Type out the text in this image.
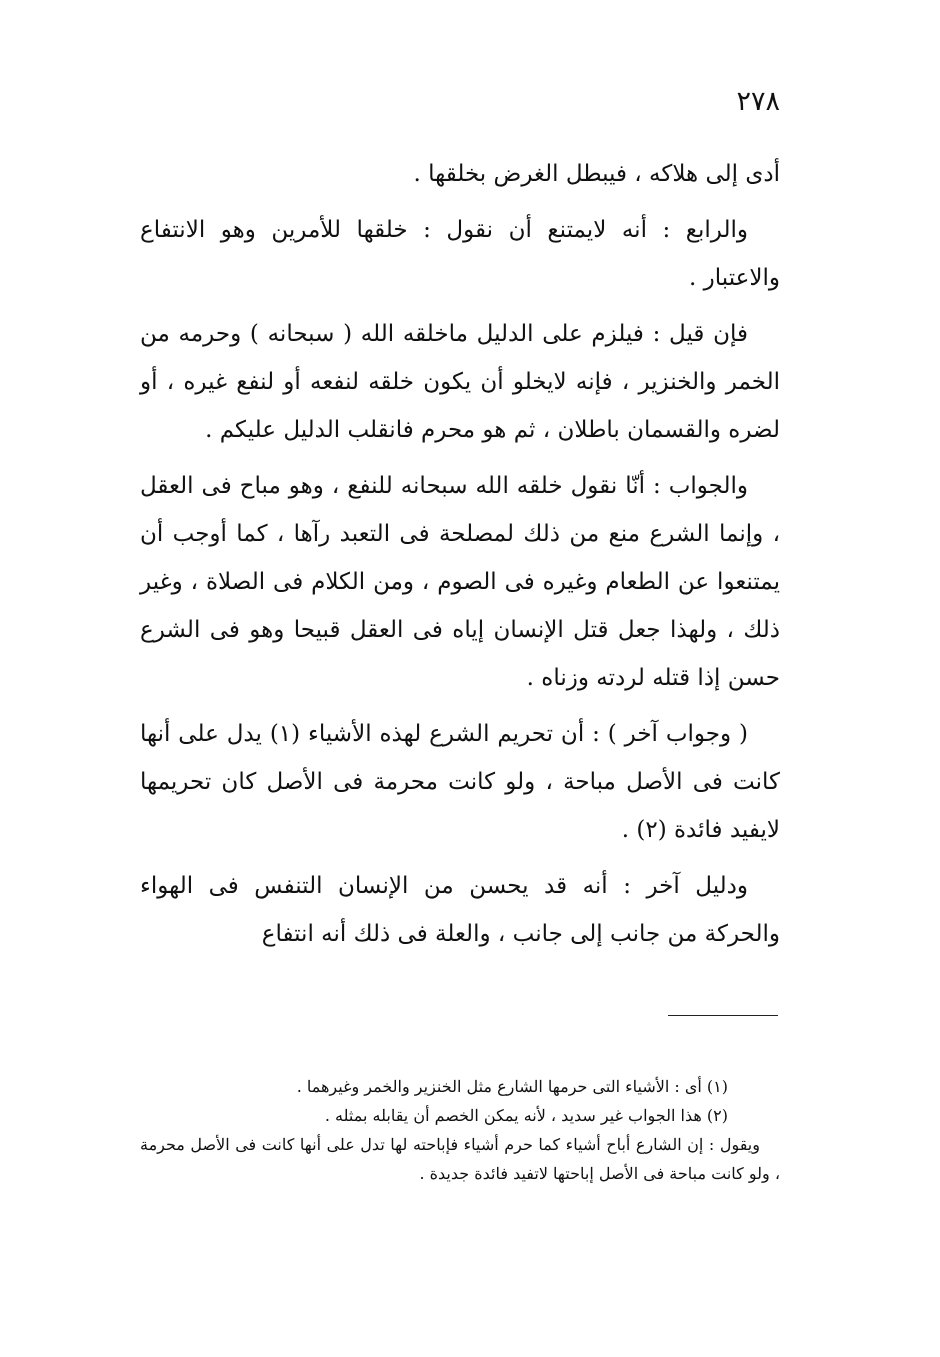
٢٧٨

أدى إلى هلاكه ، فيبطل الغرض بخلقها .

والرابع : أنه لايمتنع أن نقول : خلقها للأمرين وهو الانتفاع والاعتبار .

فإن قيل : فيلزم على الدليل ماخلقه الله ( سبحانه ) وحرمه من الخمر والخنزير ، فإنه لايخلو أن يكون خلقه لنفعه أو لنفع غيره ، أو لضره والقسمان باطلان ، ثم هو محرم فانقلب الدليل عليكم .

والجواب : أنّا نقول خلقه الله سبحانه للنفع ، وهو مباح فى العقل ، وإنما الشرع منع من ذلك لمصلحة فى التعبد رآها ، كما أوجب أن يمتنعوا عن الطعام وغيره فى الصوم ، ومن الكلام فى الصلاة ، وغير ذلك ، ولهذا جعل قتل الإنسان إياه فى العقل قبيحا وهو فى الشرع حسن إذا قتله لردته وزناه .

( وجواب آخر ) : أن تحريم الشرع لهذه الأشياء (١) يدل على أنها كانت فى الأصل مباحة ، ولو كانت محرمة فى الأصل كان تحريمها لايفيد فائدة (٢) .

ودليل آخر : أنه قد يحسن من الإنسان التنفس فى الهواء والحركة من جانب إلى جانب ، والعلة فى ذلك أنه انتفاع

(١) أى : الأشياء التى حرمها الشارع مثل الخنزير والخمر وغيرهما .

(٢) هذا الجواب غير سديد ، لأنه يمكن الخصم أن يقابله بمثله .

ويقول : إن الشارع أباح أشياء كما حرم أشياء فإباحته لها تدل على أنها كانت فى الأصل محرمة ، ولو كانت مباحة فى الأصل إباحتها لاتفيد فائدة جديدة .
